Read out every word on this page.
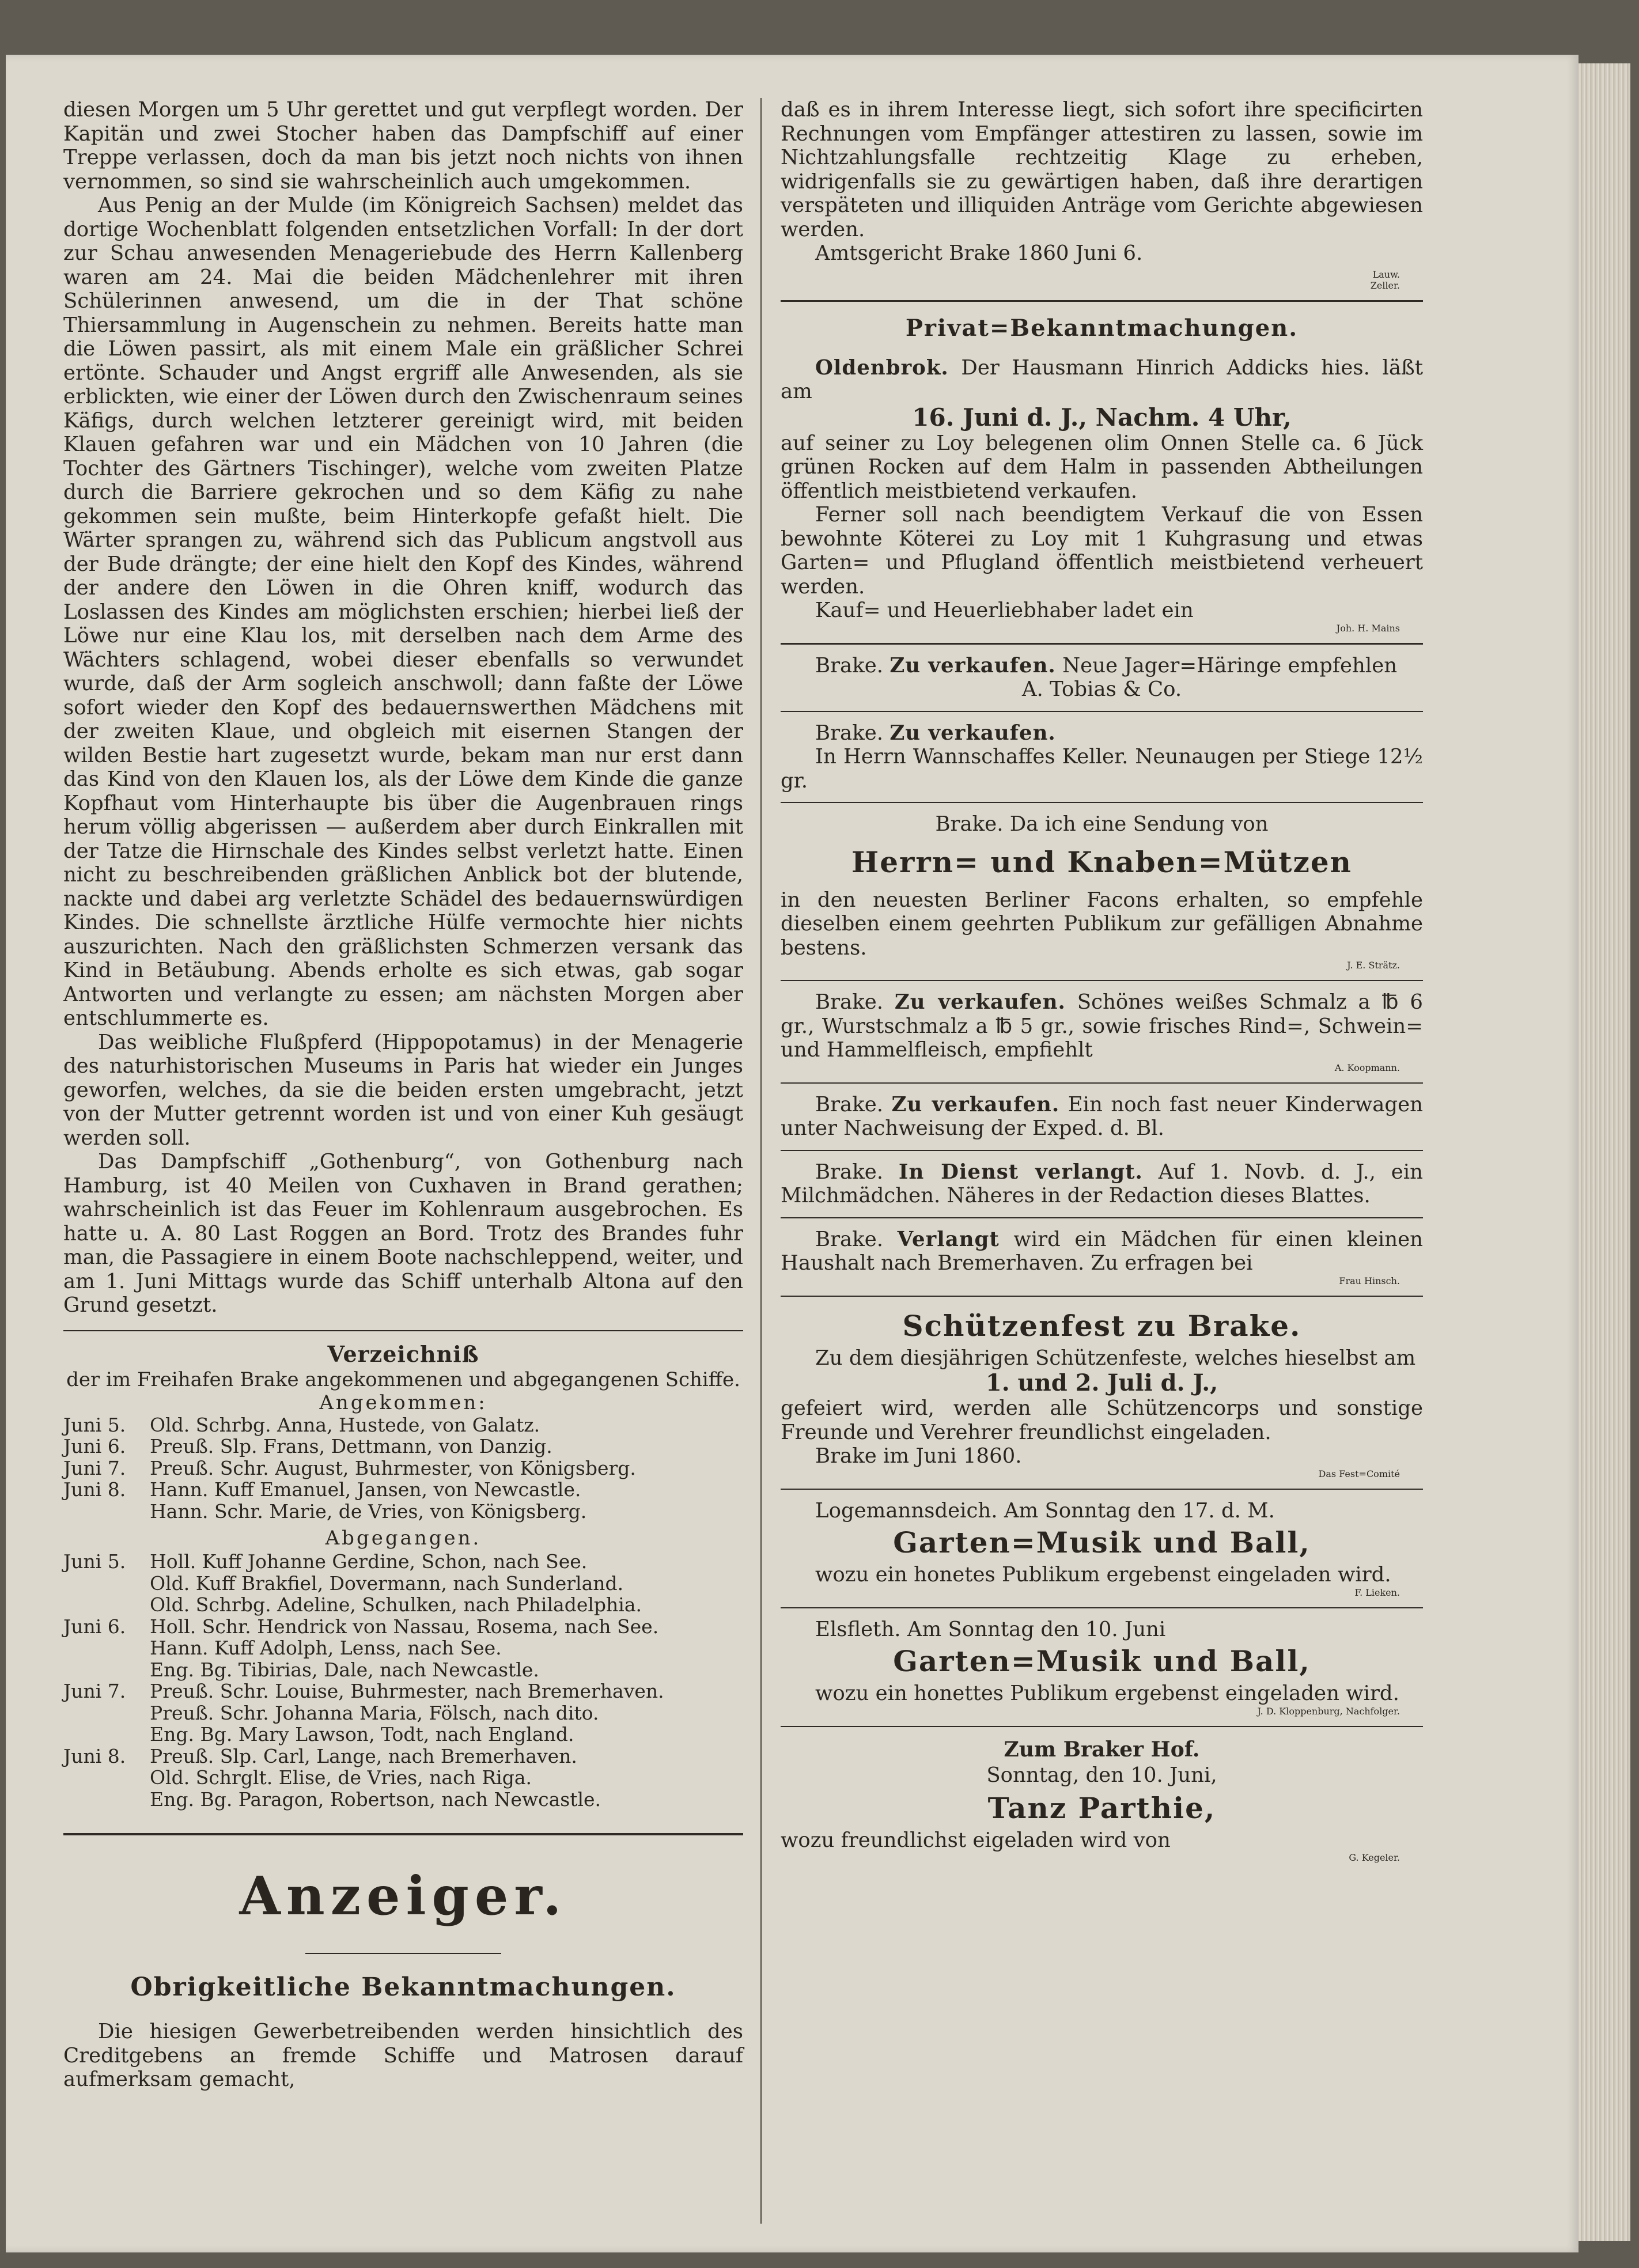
diesen Morgen um 5 Uhr gerettet und gut verpflegt worden. Der Kapitän und zwei Stocher haben das Dampfschiff auf einer Treppe verlassen, doch da man bis jetzt noch nichts von ihnen vernommen, so sind sie wahrscheinlich auch umgekommen.

Aus Penig an der Mulde (im Königreich Sachsen) meldet das dortige Wochenblatt folgenden entsetzlichen Vorfall: In der dort zur Schau anwesenden Menageriebude des Herrn Kallenberg waren am 24. Mai die beiden Mädchenlehrer mit ihren Schülerinnen anwesend, um die in der That schöne Thiersammlung in Augenschein zu nehmen. Bereits hatte man die Löwen passirt, als mit einem Male ein gräßlicher Schrei ertönte. Schauder und Angst ergriff alle Anwesenden, als sie erblickten, wie einer der Löwen durch den Zwischenraum seines Käfigs, durch welchen letzterer gereinigt wird, mit beiden Klauen gefahren war und ein Mädchen von 10 Jahren (die Tochter des Gärtners Tischinger), welche vom zweiten Platze durch die Barriere gekrochen und so dem Käfig zu nahe gekommen sein mußte, beim Hinterkopfe gefaßt hielt. Die Wärter sprangen zu, während sich das Publicum angstvoll aus der Bude drängte; der eine hielt den Kopf des Kindes, während der andere den Löwen in die Ohren kniff, wodurch das Loslassen des Kindes am möglichsten erschien; hierbei ließ der Löwe nur eine Klau los, mit derselben nach dem Arme des Wächters schlagend, wobei dieser ebenfalls so verwundet wurde, daß der Arm sogleich anschwoll; dann faßte der Löwe sofort wieder den Kopf des bedauernswerthen Mädchens mit der zweiten Klaue, und obgleich mit eisernen Stangen der wilden Bestie hart zugesetzt wurde, bekam man nur erst dann das Kind von den Klauen los, als der Löwe dem Kinde die ganze Kopfhaut vom Hinterhaupte bis über die Augenbrauen rings herum völlig abgerissen — außerdem aber durch Einkrallen mit der Tatze die Hirnschale des Kindes selbst verletzt hatte. Einen nicht zu beschreibenden gräßlichen Anblick bot der blutende, nackte und dabei arg verletzte Schädel des bedauernswürdigen Kindes. Die schnellste ärztliche Hülfe vermochte hier nichts auszurichten. Nach den gräßlichsten Schmerzen versank das Kind in Betäubung. Abends erholte es sich etwas, gab sogar Antworten und verlangte zu essen; am nächsten Morgen aber entschlummerte es.

Das weibliche Flußpferd (Hippopotamus) in der Menagerie des naturhistorischen Museums in Paris hat wieder ein Junges geworfen, welches, da sie die beiden ersten umgebracht, jetzt von der Mutter getrennt worden ist und von einer Kuh gesäugt werden soll.

Das Dampfschiff „Gothenburg“, von Gothenburg nach Hamburg, ist 40 Meilen von Cuxhaven in Brand gerathen; wahrscheinlich ist das Feuer im Kohlenraum ausgebrochen. Es hatte u. A. 80 Last Roggen an Bord. Trotz des Brandes fuhr man, die Passagiere in einem Boote nachschleppend, weiter, und am 1. Juni Mittags wurde das Schiff unterhalb Altona auf den Grund gesetzt.

Verzeichniß

der im Freihafen Brake angekommenen und abgegangenen Schiffe.

Angekommen:

Juni 5.	Old. Schrbg. Anna, Hustede, von Galatz.
Juni 6.	Preuß. Slp. Frans, Dettmann, von Danzig.
Juni 7.	Preuß. Schr. August, Buhrmester, von Königsberg.
Juni 8.	Hann. Kuff Emanuel, Jansen, von Newcastle.
	Hann. Schr. Marie, de Vries, von Königsberg.

Abgegangen.

Juni 5.	Holl. Kuff Johanne Gerdine, Schon, nach See.
	Old. Kuff Brakfiel, Dovermann, nach Sunderland.
	Old. Schrbg. Adeline, Schulken, nach Philadelphia.
Juni 6.	Holl. Schr. Hendrick von Nassau, Rosema, nach See.
	Hann. Kuff Adolph, Lenss, nach See.
	Eng. Bg. Tibirias, Dale, nach Newcastle.
Juni 7.	Preuß. Schr. Louise, Buhrmester, nach Bremerhaven.
	Preuß. Schr. Johanna Maria, Fölsch, nach dito.
	Eng. Bg. Mary Lawson, Todt, nach England.
Juni 8.	Preuß. Slp. Carl, Lange, nach Bremerhaven.
	Old. Schrglt. Elise, de Vries, nach Riga.
	Eng. Bg. Paragon, Robertson, nach Newcastle.

Anzeiger.

Obrigkeitliche Bekanntmachungen.

Die hiesigen Gewerbetreibenden werden hinsichtlich des Creditgebens an fremde Schiffe und Matrosen darauf aufmerksam gemacht,

daß es in ihrem Interesse liegt, sich sofort ihre specificirten Rechnungen vom Empfänger attestiren zu lassen, sowie im Nichtzahlungsfalle rechtzeitig Klage zu erheben, widrigenfalls sie zu gewärtigen haben, daß ihre derartigen verspäteten und illiquiden Anträge vom Gerichte abgewiesen werden.

Amtsgericht Brake 1860 Juni 6.

Lauw.

Zeller.

Privat=Bekanntmachungen.

Oldenbrok. Der Hausmann Hinrich Addicks hies. läßt am

16. Juni d. J., Nachm. 4 Uhr,

auf seiner zu Loy belegenen olim Onnen Stelle ca. 6 Jück grünen Rocken auf dem Halm in passenden Abtheilungen öffentlich meistbietend verkaufen.

Ferner soll nach beendigtem Verkauf die von Essen bewohnte Köterei zu Loy mit 1 Kuhgrasung und etwas Garten= und Pflugland öffentlich meistbietend verheuert werden.

Kauf= und Heuerliebhaber ladet ein

Joh. H. Mains

Brake. Zu verkaufen. Neue Jager=Häringe empfehlen

A. Tobias & Co.

Brake. Zu verkaufen.

In Herrn Wannschaffes Keller. Neunaugen per Stiege 12½ gr.

Brake. Da ich eine Sendung von

Herrn= und Knaben=Mützen

in den neuesten Berliner Facons erhalten, so empfehle dieselben einem geehrten Publikum zur gefälligen Abnahme bestens.

J. E. Strätz.

Brake. Zu verkaufen. Schönes weißes Schmalz a ℔ 6 gr., Wurstschmalz a ℔ 5 gr., sowie frisches Rind=, Schwein= und Hammelfleisch, empfiehlt

A. Koopmann.

Brake. Zu verkaufen. Ein noch fast neuer Kinderwagen unter Nachweisung der Exped. d. Bl.

Brake. In Dienst verlangt. Auf 1. Novb. d. J., ein Milchmädchen. Näheres in der Redaction dieses Blattes.

Brake. Verlangt wird ein Mädchen für einen kleinen Haushalt nach Bremerhaven. Zu erfragen bei

Frau Hinsch.

Schützenfest zu Brake.

Zu dem diesjährigen Schützenfeste, welches hieselbst am

1. und 2. Juli d. J.,

gefeiert wird, werden alle Schützencorps und sonstige Freunde und Verehrer freundlichst eingeladen.

Brake im Juni 1860.

Das Fest=Comité

Logemannsdeich. Am Sonntag den 17. d. M.

Garten=Musik und Ball,

wozu ein honetes Publikum ergebenst eingeladen wird.

F. Lieken.

Elsfleth. Am Sonntag den 10. Juni

Garten=Musik und Ball,

wozu ein honettes Publikum ergebenst eingeladen wird.

J. D. Kloppenburg, Nachfolger.

Zum Braker Hof.

Sonntag, den 10. Juni,

Tanz Parthie,

wozu freundlichst eigeladen wird von

G. Kegeler.
